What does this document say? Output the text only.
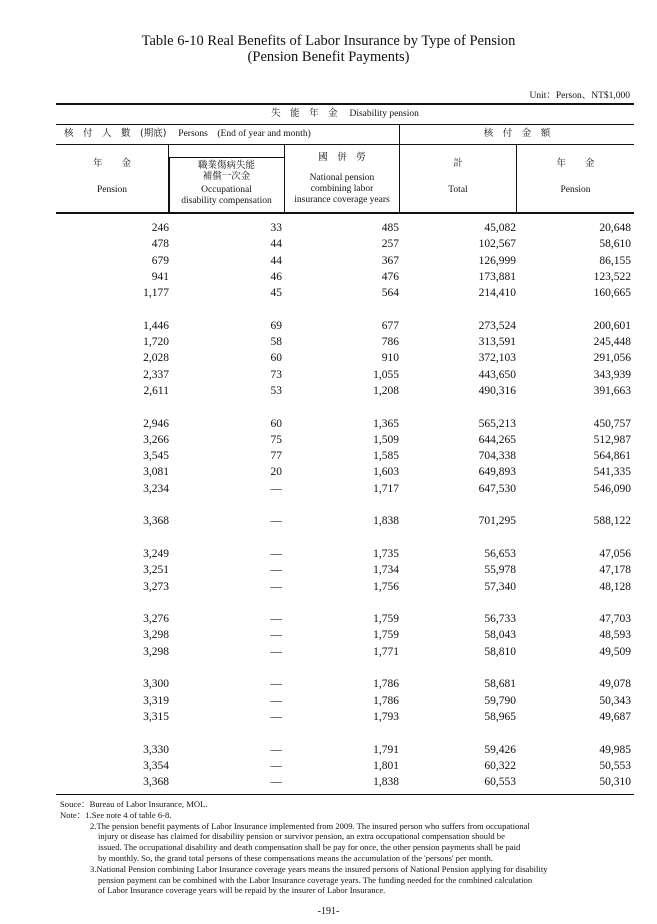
Table 6-10 Real Benefits of Labor Insurance by Type of Pension
(Pension Benefit Payments)
Unit：Person、NT$1,000
失　能　年　金 Disability pension
核　付　人　數　(期底) Persons　(End of year and month)	核　付　金　額
年　　金
Pension
職業傷病失能
補償一次金
Occupational
disability compensation
國　併　勞
National pension
combining labor
insurance coverage years
計
Total
年　　金
Pension
246	33	485	45,082	20,648
478	44	257	102,567	58,610
679	44	367	126,999	86,155
941	46	476	173,881	123,522
1,177	45	564	214,410	160,665
1,446	69	677	273,524	200,601
1,720	58	786	313,591	245,448
2,028	60	910	372,103	291,056
2,337	73	1,055	443,650	343,939
2,611	53	1,208	490,316	391,663
2,946	60	1,365	565,213	450,757
3,266	75	1,509	644,265	512,987
3,545	77	1,585	704,338	564,861
3,081	20	1,603	649,893	541,335
3,234	—	1,717	647,530	546,090
3,368	—	1,838	701,295	588,122
3,249	—	1,735	56,653	47,056
3,251	—	1,734	55,978	47,178
3,273	—	1,756	57,340	48,128
3,276	—	1,759	56,733	47,703
3,298	—	1,759	58,043	48,593
3,298	—	1,771	58,810	49,509
3,300	—	1,786	58,681	49,078
3,319	—	1,786	59,790	50,343
3,315	—	1,793	58,965	49,687
3,330	—	1,791	59,426	49,985
3,354	—	1,801	60,322	50,553
3,368	—	1,838	60,553	50,310
Souce：Bureau of Labor Insurance, MOL.
Note：1.See note 4 of table 6-8.
2.The pension benefit payments of Labor Insurance implemented from 2009. The insured person who suffers from occupational
injury or disease has claimed for disability pension or survivor pension, an extra occupational compensation should be
issued. The occupational disability and death compensation shall be pay for once, the other pension payments shall be paid
by monthly. So, the grand total persons of these compensations means the accumulation of the 'persons' per month.
3.National Pension combining Labor Insurance coverage years means the insured persons of National Pension applying for disability
pension payment can be combined with the Labor Insurance coverage years. The funding needed for the combined calculation
of Labor Insurance coverage years will be repaid by the insurer of Labor Insurance.
-191-
